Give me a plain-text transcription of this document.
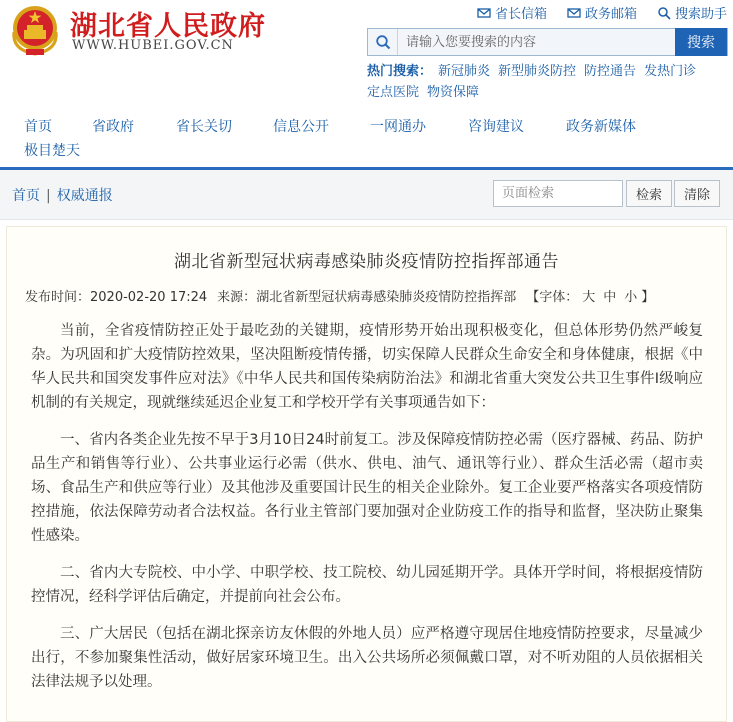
湖北省人民政府
WWW.HUBEI.GOV.CN
省长信箱	政务邮箱	搜索助手
请输入您要搜索的内容
搜索
热门搜索： 新冠肺炎 新型肺炎防控 防控通告 发热门诊定点医院 物资保障
首页	省政府	省长关切	信息公开	一网通办	咨询建议	政务新媒体
极目楚天
首页 | 权威通报
页面检索	检索	清除
湖北省新型冠状病毒感染肺炎疫情防控指挥部通告
发布时间：2020-02-20 17:24 来源：湖北省新型冠状病毒感染肺炎疫情防控指挥部 【字体： 大 中 小 】

当前，全省疫情防控正处于最吃劲的关键期，疫情形势开始出现积极变化，但总体形势仍然严峻复杂。为巩固和扩大疫情防控效果，坚决阻断疫情传播，切实保障人民群众生命安全和身体健康，根据《中华人民共和国突发事件应对法》《中华人民共和国传染病防治法》和湖北省重大突发公共卫生事件I级响应机制的有关规定，现就继续延迟企业复工和学校开学有关事项通告如下：

一、省内各类企业先按不早于3月10日24时前复工。涉及保障疫情防控必需（医疗器械、药品、防护品生产和销售等行业）、公共事业运行必需（供水、供电、油气、通讯等行业）、群众生活必需（超市卖场、食品生产和供应等行业）及其他涉及重要国计民生的相关企业除外。复工企业要严格落实各项疫情防控措施，依法保障劳动者合法权益。各行业主管部门要加强对企业防疫工作的指导和监督，坚决防止聚集性感染。

二、省内大专院校、中小学、中职学校、技工院校、幼儿园延期开学。具体开学时间，将根据疫情防控情况，经科学评估后确定，并提前向社会公布。

三、广大居民（包括在湖北探亲访友休假的外地人员）应严格遵守现居住地疫情防控要求，尽量减少出行，不参加聚集性活动，做好居家环境卫生。出入公共场所必须佩戴口罩，对不听劝阻的人员依据相关法律法规予以处理。
